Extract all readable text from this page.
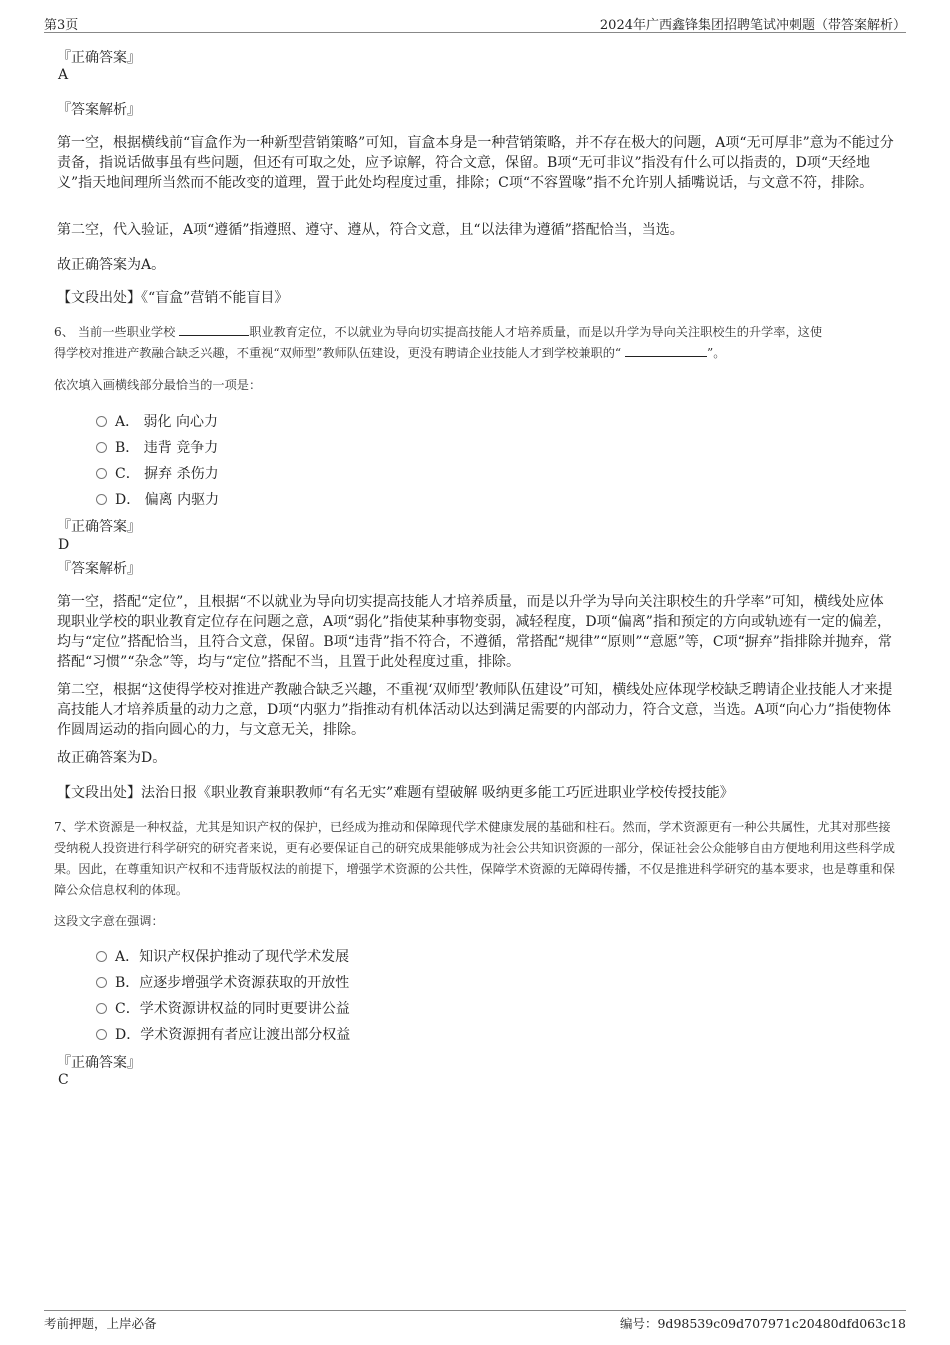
第3页	2024年广西鑫锋集团招聘笔试冲刺题（带答案解析）
『正确答案』
A
『答案解析』
第一空，根据横线前“盲盒作为一种新型营销策略”可知，盲盒本身是一种营销策略，并不存在极大的问题，A项“无可厚非”意为不能过分责备，指说话做事虽有些问题，但还有可取之处，应予谅解，符合文意，保留。B项“无可非议”指没有什么可以指责的，D项“天经地义”指天地间理所当然而不能改变的道理，置于此处均程度过重，排除；C项“不容置喙”指不允许别人插嘴说话，与文意不符，排除。
第二空，代入验证，A项“遵循”指遵照、遵守、遵从，符合文意，且“以法律为遵循”搭配恰当，当选。
故正确答案为A。
【文段出处】《“盲盒”营销不能盲目》
6、 当前一些职业学校	职业教育定位，不以就业为导向切实提高技能人才培养质量，而是以升学为导向关注职校生的升学率，这使
得学校对推进产教融合缺乏兴趣，不重视“双师型”教师队伍建设，更没有聘请企业技能人才到学校兼职的“	”。
依次填入画横线部分最恰当的一项是：
A． 弱化 向心力
B． 违背 竞争力
C． 摒弃 杀伤力
D． 偏离 内驱力
『正确答案』
D
『答案解析』
第一空，搭配“定位”，且根据“不以就业为导向切实提高技能人才培养质量，而是以升学为导向关注职校生的升学率”可知，横线处应体现职业学校的职业教育定位存在问题之意，A项“弱化”指使某种事物变弱，减轻程度，D项“偏离”指和预定的方向或轨迹有一定的偏差，均与“定位”搭配恰当，且符合文意，保留。B项“违背”指不符合，不遵循，常搭配“规律”“原则”“意愿”等，C项“摒弃”指排除并抛弃，常搭配“习惯”“杂念”等，均与“定位”搭配不当，且置于此处程度过重，排除。
第二空，根据“这使得学校对推进产教融合缺乏兴趣，不重视‘双师型’教师队伍建设”可知，横线处应体现学校缺乏聘请企业技能人才来提高技能人才培养质量的动力之意，D项“内驱力”指推动有机体活动以达到满足需要的内部动力，符合文意，当选。A项“向心力”指使物体作圆周运动的指向圆心的力，与文意无关，排除。
故正确答案为D。
【文段出处】法治日报《职业教育兼职教师“有名无实”难题有望破解 吸纳更多能工巧匠进职业学校传授技能》
7、学术资源是一种权益，尤其是知识产权的保护，已经成为推动和保障现代学术健康发展的基础和柱石。然而，学术资源更有一种公共属性，尤其对那些接受纳税人投资进行科学研究的研究者来说，更有必要保证自己的研究成果能够成为社会公共知识资源的一部分，保证社会公众能够自由方便地利用这些科学成果。因此，在尊重知识产权和不违背版权法的前提下，增强学术资源的公共性，保障学术资源的无障碍传播，不仅是推进科学研究的基本要求，也是尊重和保障公众信息权利的体现。
这段文字意在强调：
A．知识产权保护推动了现代学术发展
B．应逐步增强学术资源获取的开放性
C．学术资源讲权益的同时更要讲公益
D．学术资源拥有者应让渡出部分权益
『正确答案』
C
考前押题，上岸必备	编号：9d98539c09d707971c20480dfd063c18
